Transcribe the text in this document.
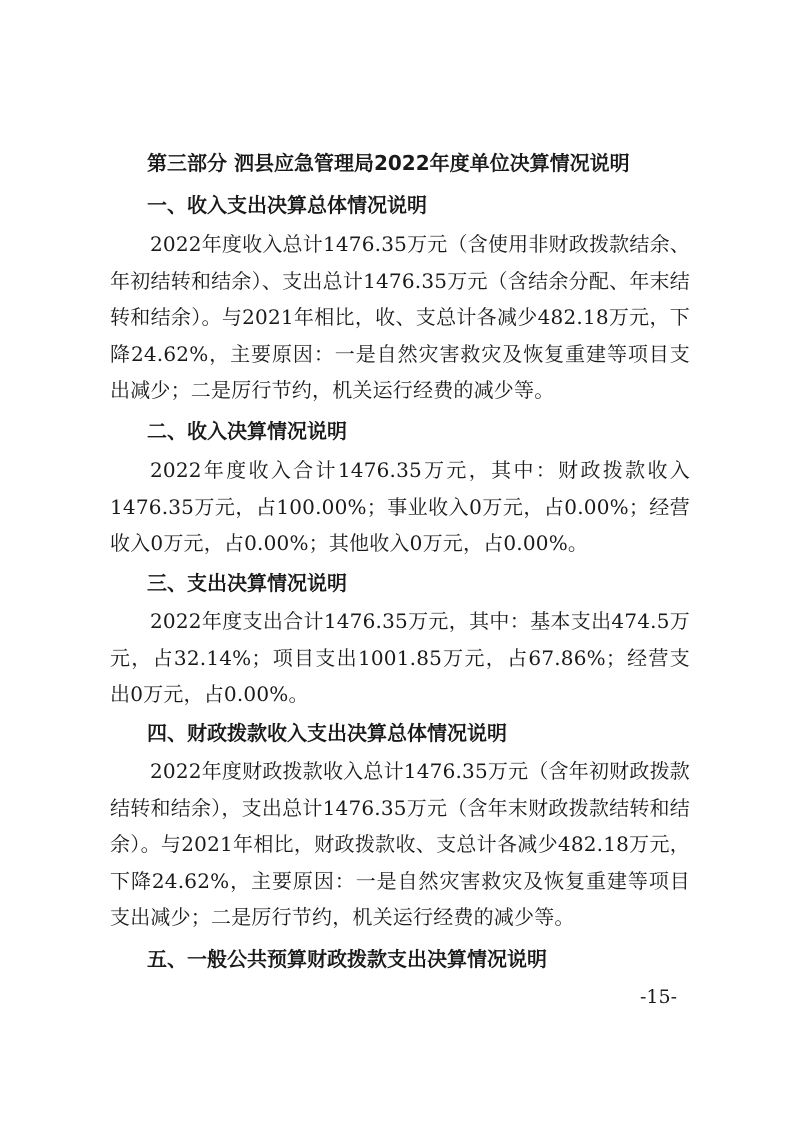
第三部分 泗县应急管理局2022年度单位决算情况说明
一、收入支出决算总体情况说明
2022年度收入总计1476.35万元（含使用非财政拨款结余、年初结转和结余）、支出总计1476.35万元（含结余分配、年末结转和结余）。与2021年相比，收、支总计各减少482.18万元，下降24.62%，主要原因：一是自然灾害救灾及恢复重建等项目支出减少；二是厉行节约，机关运行经费的减少等。
二、收入决算情况说明
2022年度收入合计1476.35万元，其中：财政拨款收入1476.35万元，占100.00%；事业收入0万元，占0.00%；经营收入0万元，占0.00%；其他收入0万元，占0.00%。
三、支出决算情况说明
2022年度支出合计1476.35万元，其中：基本支出474.5万元，占32.14%；项目支出1001.85万元，占67.86%；经营支出0万元，占0.00%。
四、财政拨款收入支出决算总体情况说明
2022年度财政拨款收入总计1476.35万元（含年初财政拨款结转和结余），支出总计1476.35万元（含年末财政拨款结转和结余）。与2021年相比，财政拨款收、支总计各减少482.18万元，下降24.62%，主要原因：一是自然灾害救灾及恢复重建等项目支出减少；二是厉行节约，机关运行经费的减少等。
五、一般公共预算财政拨款支出决算情况说明
-15-
